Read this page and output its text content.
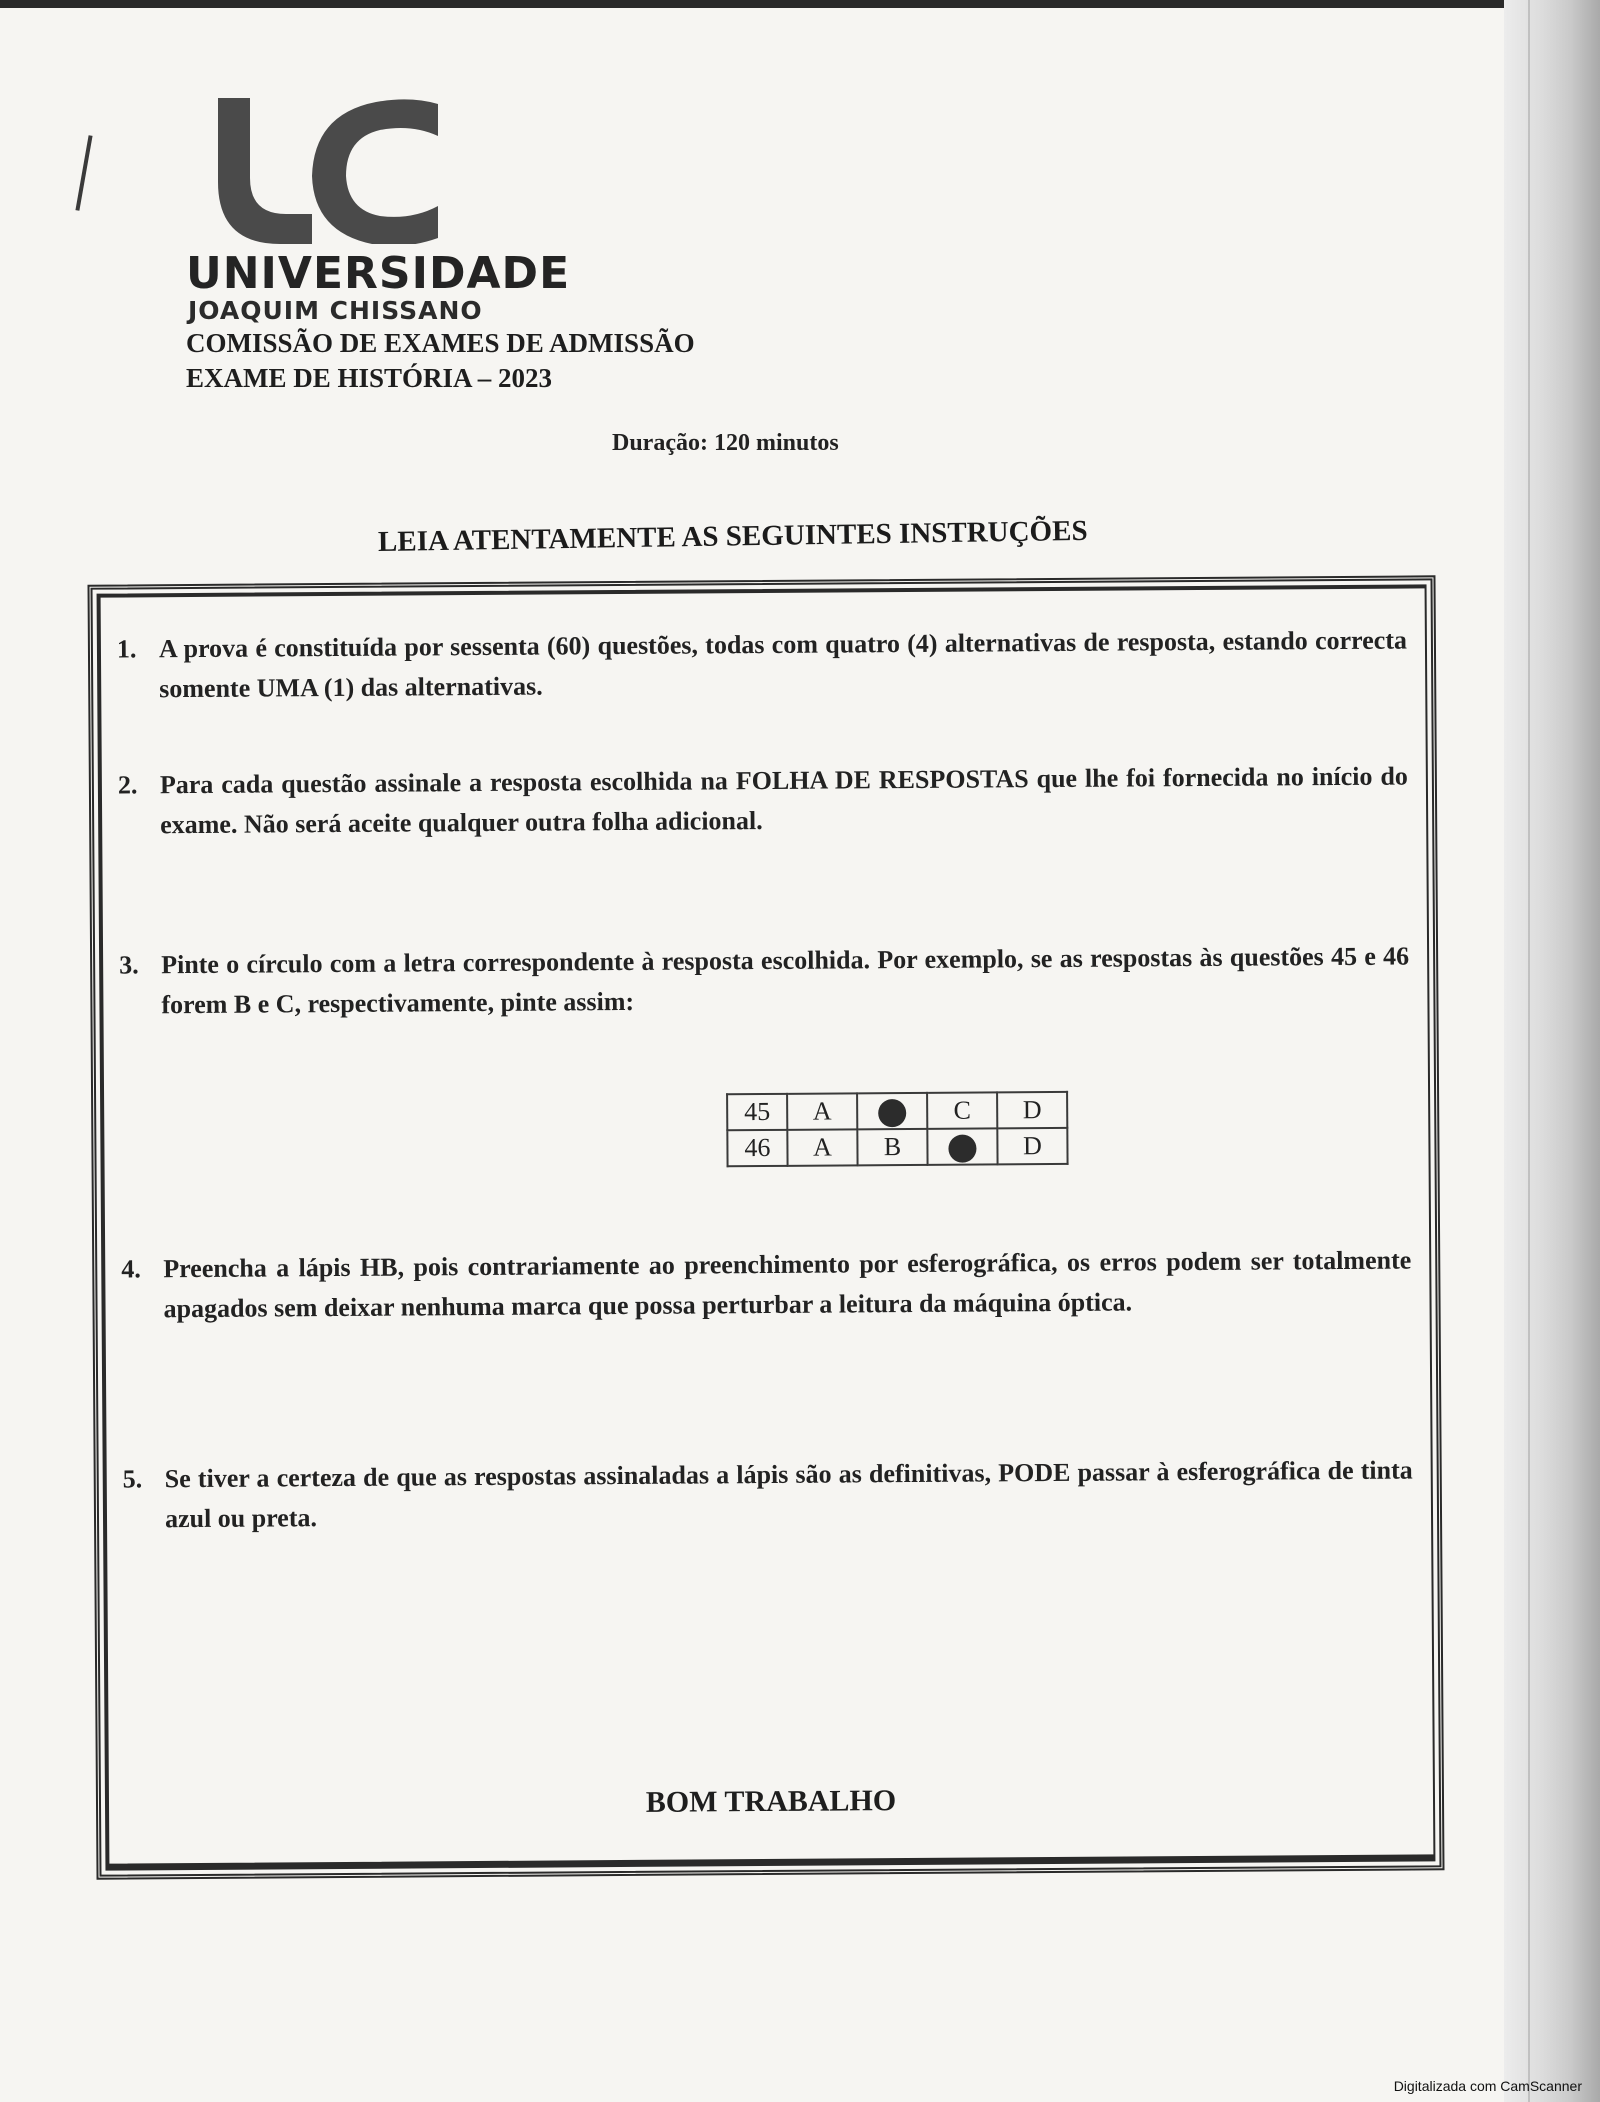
UNIVERSIDADE
JOAQUIM CHISSANO
COMISSÃO DE EXAMES DE ADMISSÃO
EXAME DE HISTÓRIA – 2023
Duração: 120 minutos
LEIA ATENTAMENTE AS SEGUINTES INSTRUÇÕES
1. A prova é constituída por sessenta (60) questões, todas com quatro (4) alternativas de resposta, estando correcta somente UMA (1) das alternativas.
2. Para cada questão assinale a resposta escolhida na FOLHA DE RESPOSTAS que lhe foi fornecida no início do exame. Não será aceite qualquer outra folha adicional.
3. Pinte o círculo com a letra correspondente à resposta escolhida. Por exemplo, se as respostas às questões 45 e 46 forem B e C, respectivamente, pinte assim:
45	A		C	D
46	A	B		D
4. Preencha a lápis HB, pois contrariamente ao preenchimento por esferográfica, os erros podem ser totalmente apagados sem deixar nenhuma marca que possa perturbar a leitura da máquina óptica.
5. Se tiver a certeza de que as respostas assinaladas a lápis são as definitivas, PODE passar à esferográfica de tinta azul ou preta.
BOM TRABALHO
Digitalizada com CamScanner
